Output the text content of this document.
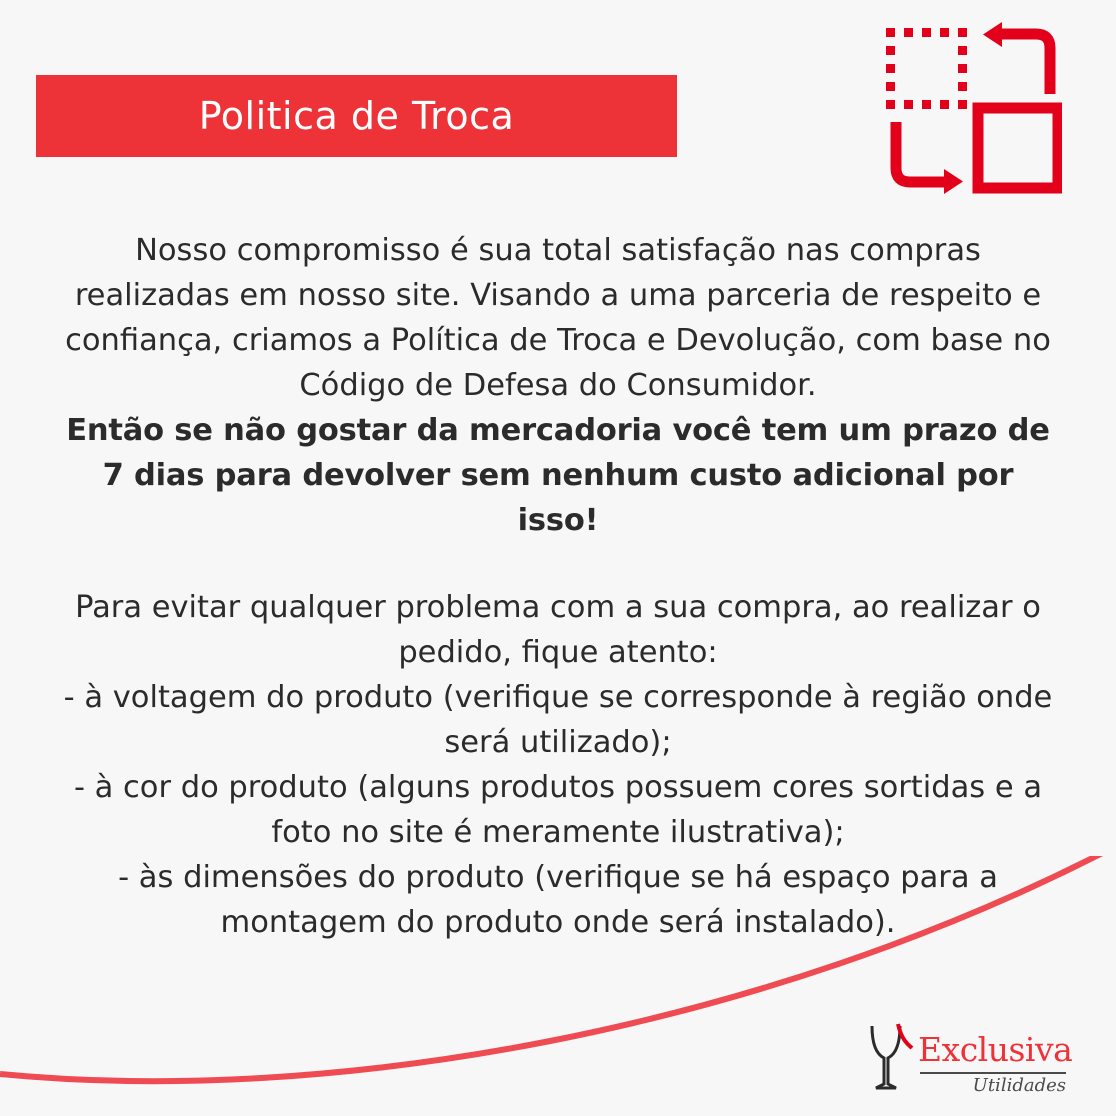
Politica de Troca

Nosso compromisso é sua total satisfação nas compras realizadas em nosso site. Visando a uma parceria de respeito e confiança, criamos a Política de Troca e Devolução, com base no Código de Defesa do Consumidor.

Então se não gostar da mercadoria você tem um prazo de 7 dias para devolver sem nenhum custo adicional por isso!

Para evitar qualquer problema com a sua compra, ao realizar o pedido, fique atento:

- à voltagem do produto (verifique se corresponde à região onde será utilizado);

- à cor do produto (alguns produtos possuem cores sortidas e a foto no site é meramente ilustrativa);

- às dimensões do produto (verifique se há espaço para a montagem do produto onde será instalado).

Exclusiva
Utilidades
